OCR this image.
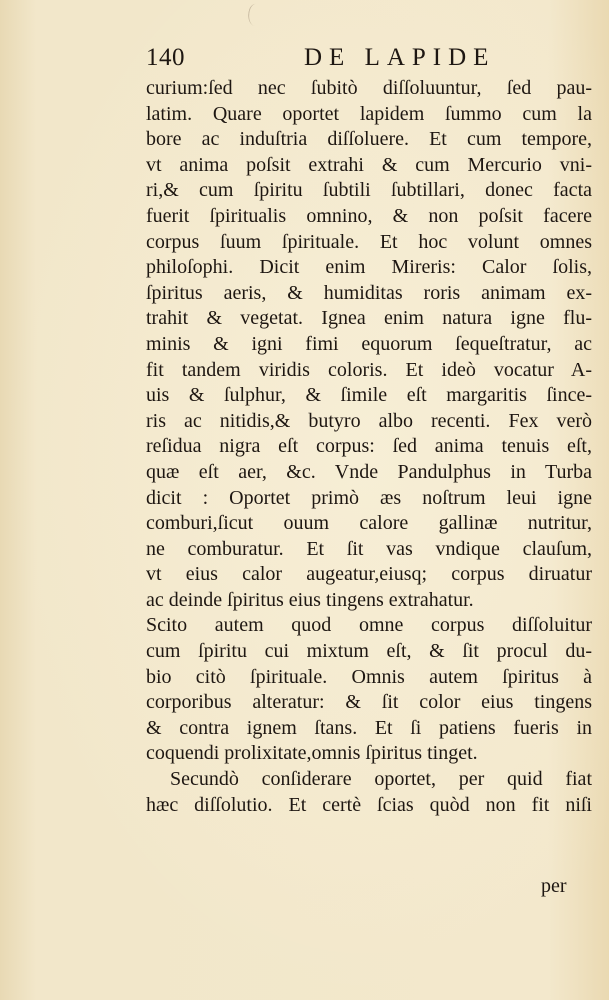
140	DE LAPIDE
curium:ſed nec ſubitò diſſoluuntur, ſed pau-
latim. Quare oportet lapidem ſummo cum la
bore ac induſtria diſſoluere. Et cum tempore,
vt anima poſsit extrahi & cum Mercurio vni-
ri,& cum ſpiritu ſubtili ſubtillari, donec facta
fuerit ſpiritualis omnino, & non poſsit facere
corpus ſuum ſpirituale. Et hoc volunt omnes
philoſophi. Dicit enim Mireris: Calor ſolis,
ſpiritus aeris, & humiditas roris animam ex-
trahit & vegetat. Ignea enim natura igne flu-
minis & igni fimi equorum ſequeſtratur, ac
fit tandem viridis coloris. Et ideò vocatur A-
uis & ſulphur, & ſimile eſt margaritis ſince-
ris ac nitidis,& butyro albo recenti. Fex verò
reſidua nigra eſt corpus: ſed anima tenuis eſt,
quæ eſt aer, &c. Vnde Pandulphus in Turba
dicit : Oportet primò æs noſtrum leui igne
comburi,ſicut ouum calore gallinæ nutritur,
ne comburatur. Et ſit vas vndique clauſum,
vt eius calor augeatur,eiusq; corpus diruatur
ac deinde ſpiritus eius tingens extrahatur.
Scito autem quod omne corpus diſſoluitur
cum ſpiritu cui mixtum eſt, & ſit procul du-
bio citò ſpirituale. Omnis autem ſpiritus à
corporibus alteratur: & ſit color eius tingens
& contra ignem ſtans. Et ſi patiens fueris in
coquendi prolixitate,omnis ſpiritus tinget.
Secundò conſiderare oportet, per quid fiat
hæc diſſolutio. Et certè ſcias quòd non fit niſi
per
